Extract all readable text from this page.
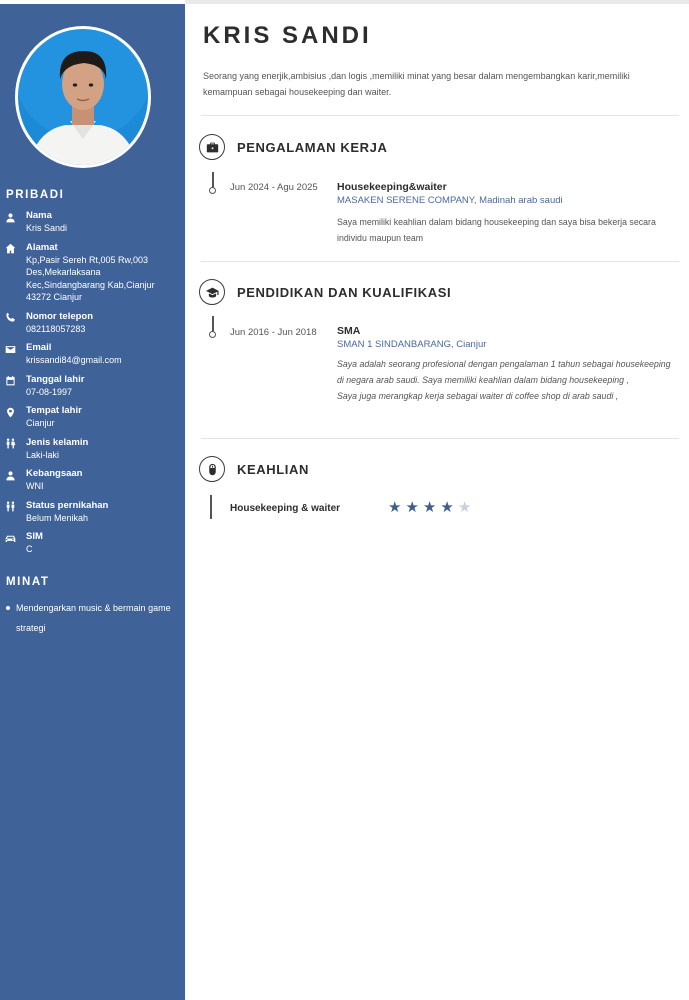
PRIBADI
Nama
Kris Sandi
Alamat
Kp,Pasir Sereh Rt,005 Rw,003 Des,Mekarlaksana Kec,Sindangbarang Kab,Cianjur 43272 Cianjur
Nomor telepon
082118057283
Email
krissandi84@gmail.com
Tanggal lahir
07-08-1997
Tempat lahir
Cianjur
Jenis kelamin
Laki-laki
Kebangsaan
WNI
Status pernikahan
Belum Menikah
SIM
C
MINAT
Mendengarkan music & bermain game strategi
KRIS SANDI
Seorang yang enerjik,ambisius ,dan logis ,memiliki minat yang besar dalam mengembangkan karir,memiliki kemampuan sebagai housekeeping dan waiter.
PENGALAMAN KERJA
Jun 2024 - Agu 2025 Housekeeping&waiter
MASAKEN SERENE COMPANY, Madinah arab saudi
Saya memiliki keahlian dalam bidang housekeeping dan saya bisa bekerja secara individu maupun team
PENDIDIKAN DAN KUALIFIKASI
Jun 2016 - Jun 2018 SMA
SMAN 1 SINDANBARANG, Cianjur
Saya adalah seorang profesional dengan pengalaman 1 tahun sebagai housekeeping di negara arab saudi. Saya memiliki keahlian dalam bidang housekeeping ,
Saya juga merangkap kerja sebagai waiter di coffee shop di arab saudi ,
KEAHLIAN
Housekeeping & waiter	★ ★ ★ ★ ★
